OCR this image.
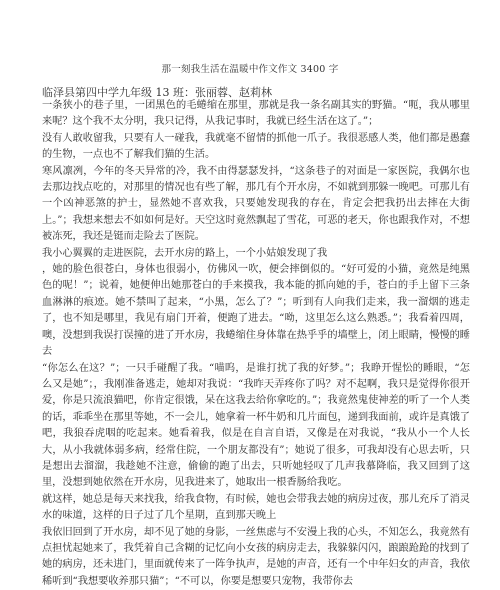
那一刻我生活在温暖中作文作文 3400 字
临泽县第四中学九年级 13 班：张丽蓉、赵莉林

一条狭小的巷子里，一团黑色的毛蜷缩在那里，那就是我一条名副其实的野猫。“呃，我从哪里来呢？这个我不太分明，我只记得，从我记事时，我就已经生活在这了。”；

没有人敢收留我，只要有人一碰我，我就毫不留情的抓他一爪子。我很恶感人类，他们都是愚蠢的生物，一点也不了解我们猫的生活。

寒风凛冽，今年的冬天异常的冷，我不由得瑟瑟发抖，“这条巷子的对面是一家医院，我偶尔也去那边找点吃的，对那里的情况也有些了解，那几有个开水房，不如就到那躲一晚吧。可那儿有一个凶神恶煞的护士，显然她不喜欢我，只要她发现我的存在，肯定会把我扔出去摔在大街上。”；我想来想去不如如何是好。天空这时竟然飘起了雪花，可恶的老天，你也跟我作对，不想被冻死，我还是铤而走险去了医院。

我小心翼翼的走进医院，去开水房的路上，一个小姑娘发现了我

，她的脸色很苍白，身体也很弱小，仿佛风一吹，便会摔倒似的。“好可爱的小猫，竟然是纯黑色的呢！”；说着，她便伸出她那苍白的手来摸我，我本能的抓向她的手，苍白的手上留下三条血淋淋的痕迹。她不禁叫了起来，“小黑，怎么了？”；听到有人向我们走来，我一溜烟的逃走了，也不知是哪里，我见有扇门开着，便跑了进去。“呦，这里怎么这么熟悉。”；我看着四周，噢，没想到我误打误撞的进了开水房，我蜷缩住身体靠在热乎乎的墙壁上，闭上眼睛，慢慢的睡去

“你怎么在这？”；一只手碰醒了我。“喵呜，是谁打扰了我的好梦。”；我睁开惺忪的睡眼，“怎么又是她”；，我刚准备逃走，她却对我说：“我昨天弄疼你了吗？对不起啊，我只是觉得你很开爱，你是只流浪猫吧，你肯定很饿，呆在这我去给你拿吃的。”；我竟然鬼使神差的听了一个人类的话，乖乖坐在那里等她，不一会儿，她拿着一杯牛奶和几片面包，递到我面前，或许是真饿了吧，我狼吞虎咽的吃起来。她看着我，似是在自言自语，又像是在对我说，“我从小一个人长大，从小我就体弱多病，经常住院，一个朋友都没有”；她说了很多，可我却没有心思去听，只是想出去溜溜，我趁她不注意，偷偷的跑了出去，只听她轻叹了几声我慕降临，我又回到了这里，没想到她依然在开水房，见我进来了，她取出一根香肠给我吃。

就这样，她总是每天来找我，给我食物，有时候，她也会带我去她的病房过夜，那儿充斥了消灵水的味道，这样的日子过了几个星期，直到那天晚上

我依旧回到了开水房，却不见了她的身影，一丝焦虑与不安漫上我的心头，不知怎么，我竟然有点担忧起她来了，我凭着自己含糊的记忆向小女孩的病房走去，我躲躲闪闪，踉踉跄跄的找到了她的病房，还未进门，里面就传来了一阵争执声，是她的声音，还有一个中年妇女的声音，我依稀听到“我想要收养那只猫”；“不可以，你要是想要只宠物，我带你去
